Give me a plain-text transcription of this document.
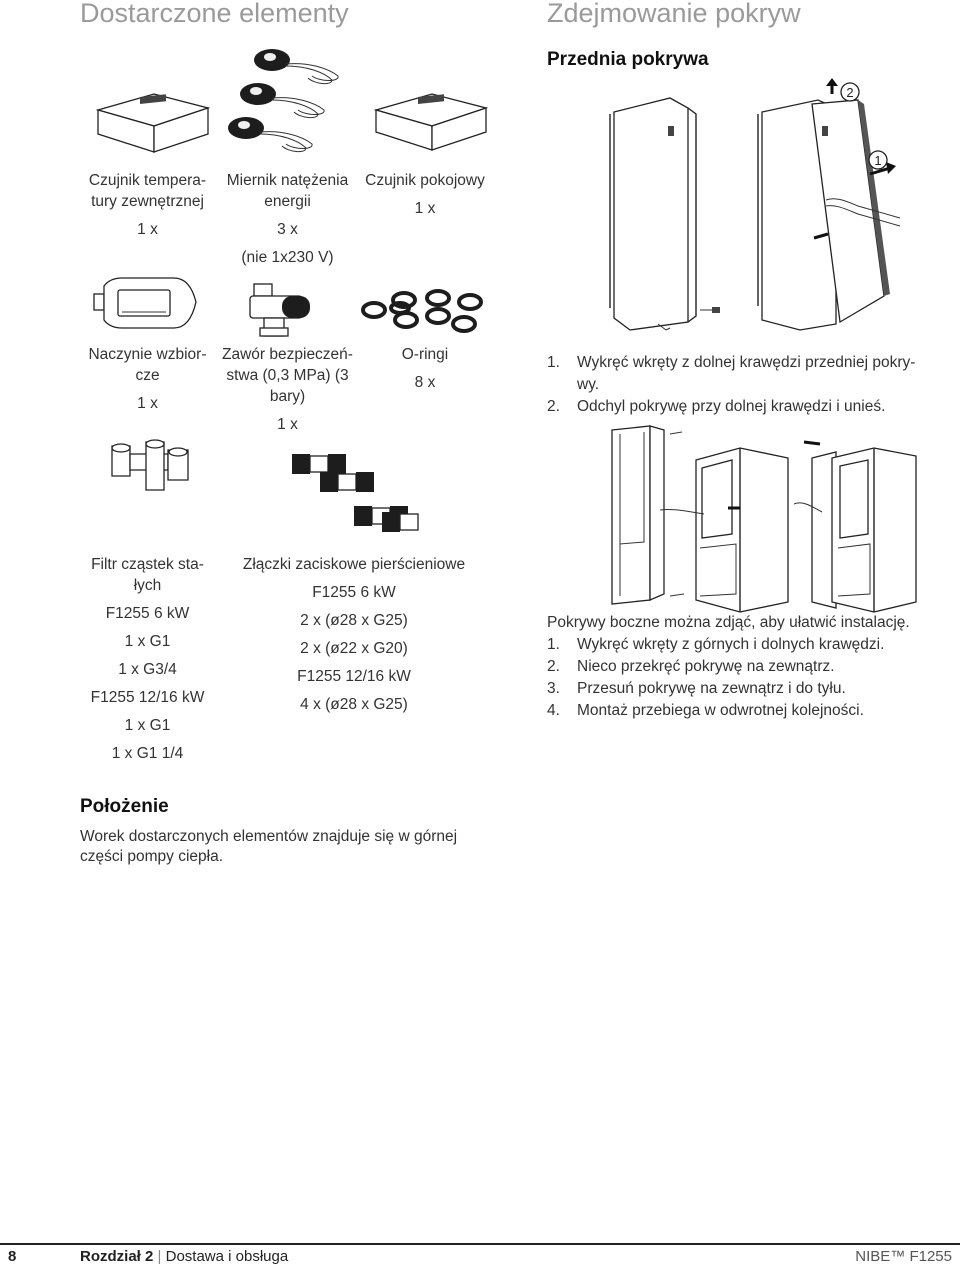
Dostarczone elementy
Czujnik tempera-
tury zewnętrznej
1 x
Miernik natężenia
energii
3 x
(nie 1x230 V)
Czujnik pokojowy
1 x
Naczynie wzbior-
cze
1 x
Zawór bezpieczeń-
stwa (0,3 MPa) (3
bary)
1 x
O-ringi
8 x
Filtr cząstek sta-
łych
F1255 6 kW
1 x G1
1 x G3/4
F1255 12/16 kW
1 x G1
1 x G1 1/4
Złączki zaciskowe pierścieniowe
F1255 6 kW
2 x (ø28 x G25)
2 x (ø22 x G20)
F1255 12/16 kW
4 x (ø28 x G25)
Położenie
Worek dostarczonych elementów znajduje się w górnej
części pompy ciepła.
Zdejmowanie pokryw
Przednia pokrywa
2
1
1.	Wykręć wkręty z dolnej krawędzi przedniej pokry-
wy.
2.	Odchyl pokrywę przy dolnej krawędzi i unieś.
Pokrywy boczne można zdjąć, aby ułatwić instalację.
1.	Wykręć wkręty z górnych i dolnych krawędzi.
2.	Nieco przekręć pokrywę na zewnątrz.
3.	Przesuń pokrywę na zewnątrz i do tyłu.
4.	Montaż przebiega w odwrotnej kolejności.
8	Rozdział 2 | Dostawa i obsługa	NIBE™ F1255
